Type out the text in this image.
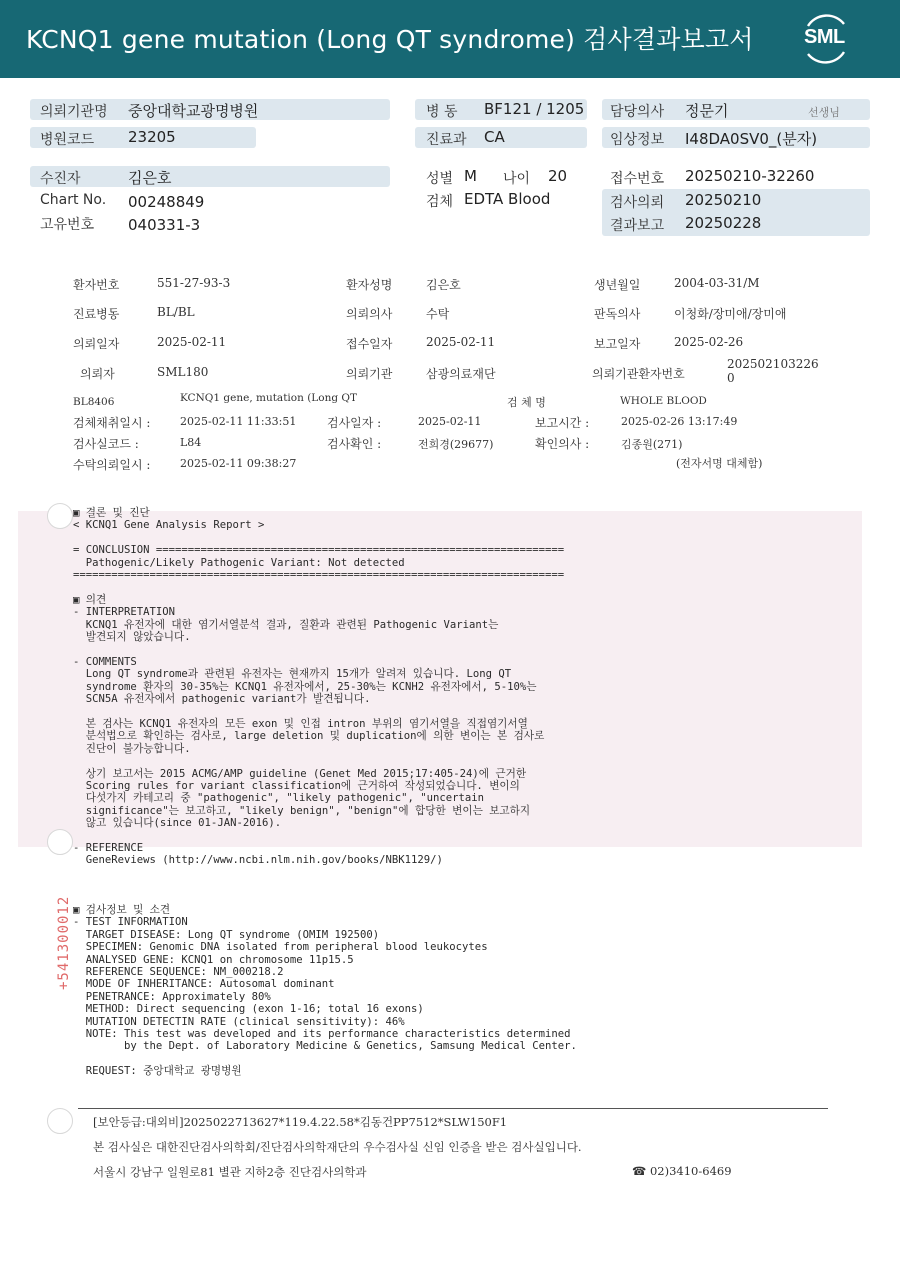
KCNQ1 gene mutation (Long QT syndrome) 검사결과보고서	SML
의뢰기관명 중앙대학교광명병원
병원코드 23205
병 동 BF121 / 1205
진료과 CA
담당의사 정문기	선생님
임상정보 I48DA0SV0_(분자)
수진자	김은호
Chart No. 00248849
고유번호 040331-3
성별 M 나이 20
검체 EDTA Blood
접수번호 20250210-32260
검사의뢰 20250210
결과보고 20250228
환자번호	551-27-93-3	환자성명	김은호	생년월일	2004-03-31/M
진료병동	BL/BL	의뢰의사	수탁	판독의사	이청화/장미애/장미애
의뢰일자	2025-02-11	접수일자	2025-02-11	보고일자	2025-02-26
의뢰자	SML180	의뢰기관	삼광의료재단	의뢰기관환자번호
202502103226
0
BL8406	KCNQ1 gene, mutation (Long QT	검 체 명	WHOLE BLOOD
검체채취일시 :	2025-02-11 11:33:51	검사일자 :	2025-02-11	보고시간 :	2025-02-26 13:17:49
검사실코드 :	L84	검사확인 :	전희경(29677)	확인의사 :	김종원(271)
수탁의뢰일시 :	2025-02-11 09:38:27	(전자서명 대체함)
▣ 결론 및 진단
< KCNQ1 Gene Analysis Report >

= CONCLUSION ================================================================
Pathogenic/Likely Pathogenic Variant: Not detected
=============================================================================

▣ 의견
- INTERPRETATION
KCNQ1 유전자에 대한 염기서열분석 결과, 질환과 관련된 Pathogenic Variant는
발견되지 않았습니다.

- COMMENTS
Long QT syndrome과 관련된 유전자는 현재까지 15개가 알려져 있습니다. Long QT
syndrome 환자의 30-35%는 KCNQ1 유전자에서, 25-30%는 KCNH2 유전자에서, 5-10%는
SCN5A 유전자에서 pathogenic variant가 발견됩니다.

본 검사는 KCNQ1 유전자의 모든 exon 및 인접 intron 부위의 염기서열을 직접염기서열
분석법으로 확인하는 검사로, large deletion 및 duplication에 의한 변이는 본 검사로
진단이 불가능합니다.

상기 보고서는 2015 ACMG/AMP guideline (Genet Med 2015;17:405-24)에 근거한
Scoring rules for variant classification에 근거하여 작성되었습니다. 변이의
다섯가지 카테고리 중 "pathogenic", "likely pathogenic", "uncertain
significance"는 보고하고, "likely benign", "benign"에 합당한 변이는 보고하지
않고 있습니다(since 01-JAN-2016).

- REFERENCE
GeneReviews (http://www.ncbi.nlm.nih.gov/books/NBK1129/)

▣ 검사정보 및 소견
- TEST INFORMATION
TARGET DISEASE: Long QT syndrome (OMIM 192500)
SPECIMEN: Genomic DNA isolated from peripheral blood leukocytes
ANALYSED GENE: KCNQ1 on chromosome 11p15.5
REFERENCE SEQUENCE: NM_000218.2
MODE OF INHERITANCE: Autosomal dominant
PENETRANCE: Approximately 80%
METHOD: Direct sequencing (exon 1-16; total 16 exons)
MUTATION DETECTIN RATE (clinical sensitivity): 46%
NOTE: This test was developed and its performance characteristics determined
by the Dept. of Laboratory Medicine & Genetics, Samsung Medical Center.

REQUEST: 중앙대학교 광명병원
+541300012
[보안등급:대외비]2025022713627*119.4.22.58*김동건PP7512*SLW150F1
본 검사실은 대한진단검사의학회/진단검사의학재단의 우수검사실 신임 인증을 받은 검사실입니다.
서울시 강남구 일원로81 별관 지하2층 진단검사의학과	☎ 02)3410-6469
